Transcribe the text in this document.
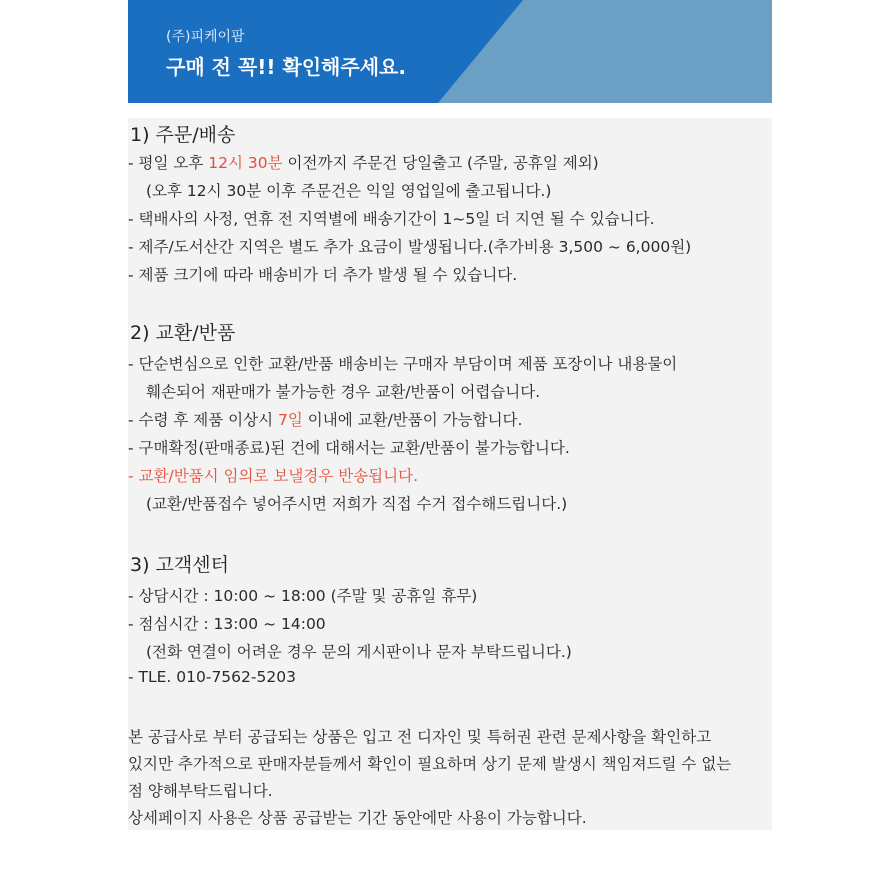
(주)피케이팜
구매 전 꼭!! 확인해주세요.
1) 주문/배송
- 평일 오후 12시 30분 이전까지 주문건 당일출고 (주말, 공휴일 제외)
(오후 12시 30분 이후 주문건은 익일 영업일에 출고됩니다.)
- 택배사의 사정, 연휴 전 지역별에 배송기간이 1~5일 더 지연 될 수 있습니다.
- 제주/도서산간 지역은 별도 추가 요금이 발생됩니다.(추가비용 3,500 ~ 6,000원)
- 제품 크기에 따라 배송비가 더 추가 발생 될 수 있습니다.
2) 교환/반품
- 단순변심으로 인한 교환/반품 배송비는 구매자 부담이며 제품 포장이나 내용물이
훼손되어 재판매가 불가능한 경우 교환/반품이 어렵습니다.
- 수령 후 제품 이상시 7일 이내에 교환/반품이 가능합니다.
- 구매확정(판매종료)된 건에 대해서는 교환/반품이 불가능합니다.
- 교환/반품시 임의로 보낼경우 반송됩니다.
(교환/반품접수 넣어주시면 저희가 직접 수거 접수해드립니다.)
3) 고객센터
- 상담시간 : 10:00 ~ 18:00 (주말 및 공휴일 휴무)
- 점심시간 : 13:00 ~ 14:00
(전화 연결이 어려운 경우 문의 게시판이나 문자 부탁드립니다.)
- TLE. 010-7562-5203
본 공급사로 부터 공급되는 상품은 입고 전 디자인 및 특허권 관련 문제사항을 확인하고
있지만 추가적으로 판매자분들께서 확인이 필요하며 상기 문제 발생시 책임져드릴 수 없는
점 양해부탁드립니다.
상세페이지 사용은 상품 공급받는 기간 동안에만 사용이 가능합니다.
